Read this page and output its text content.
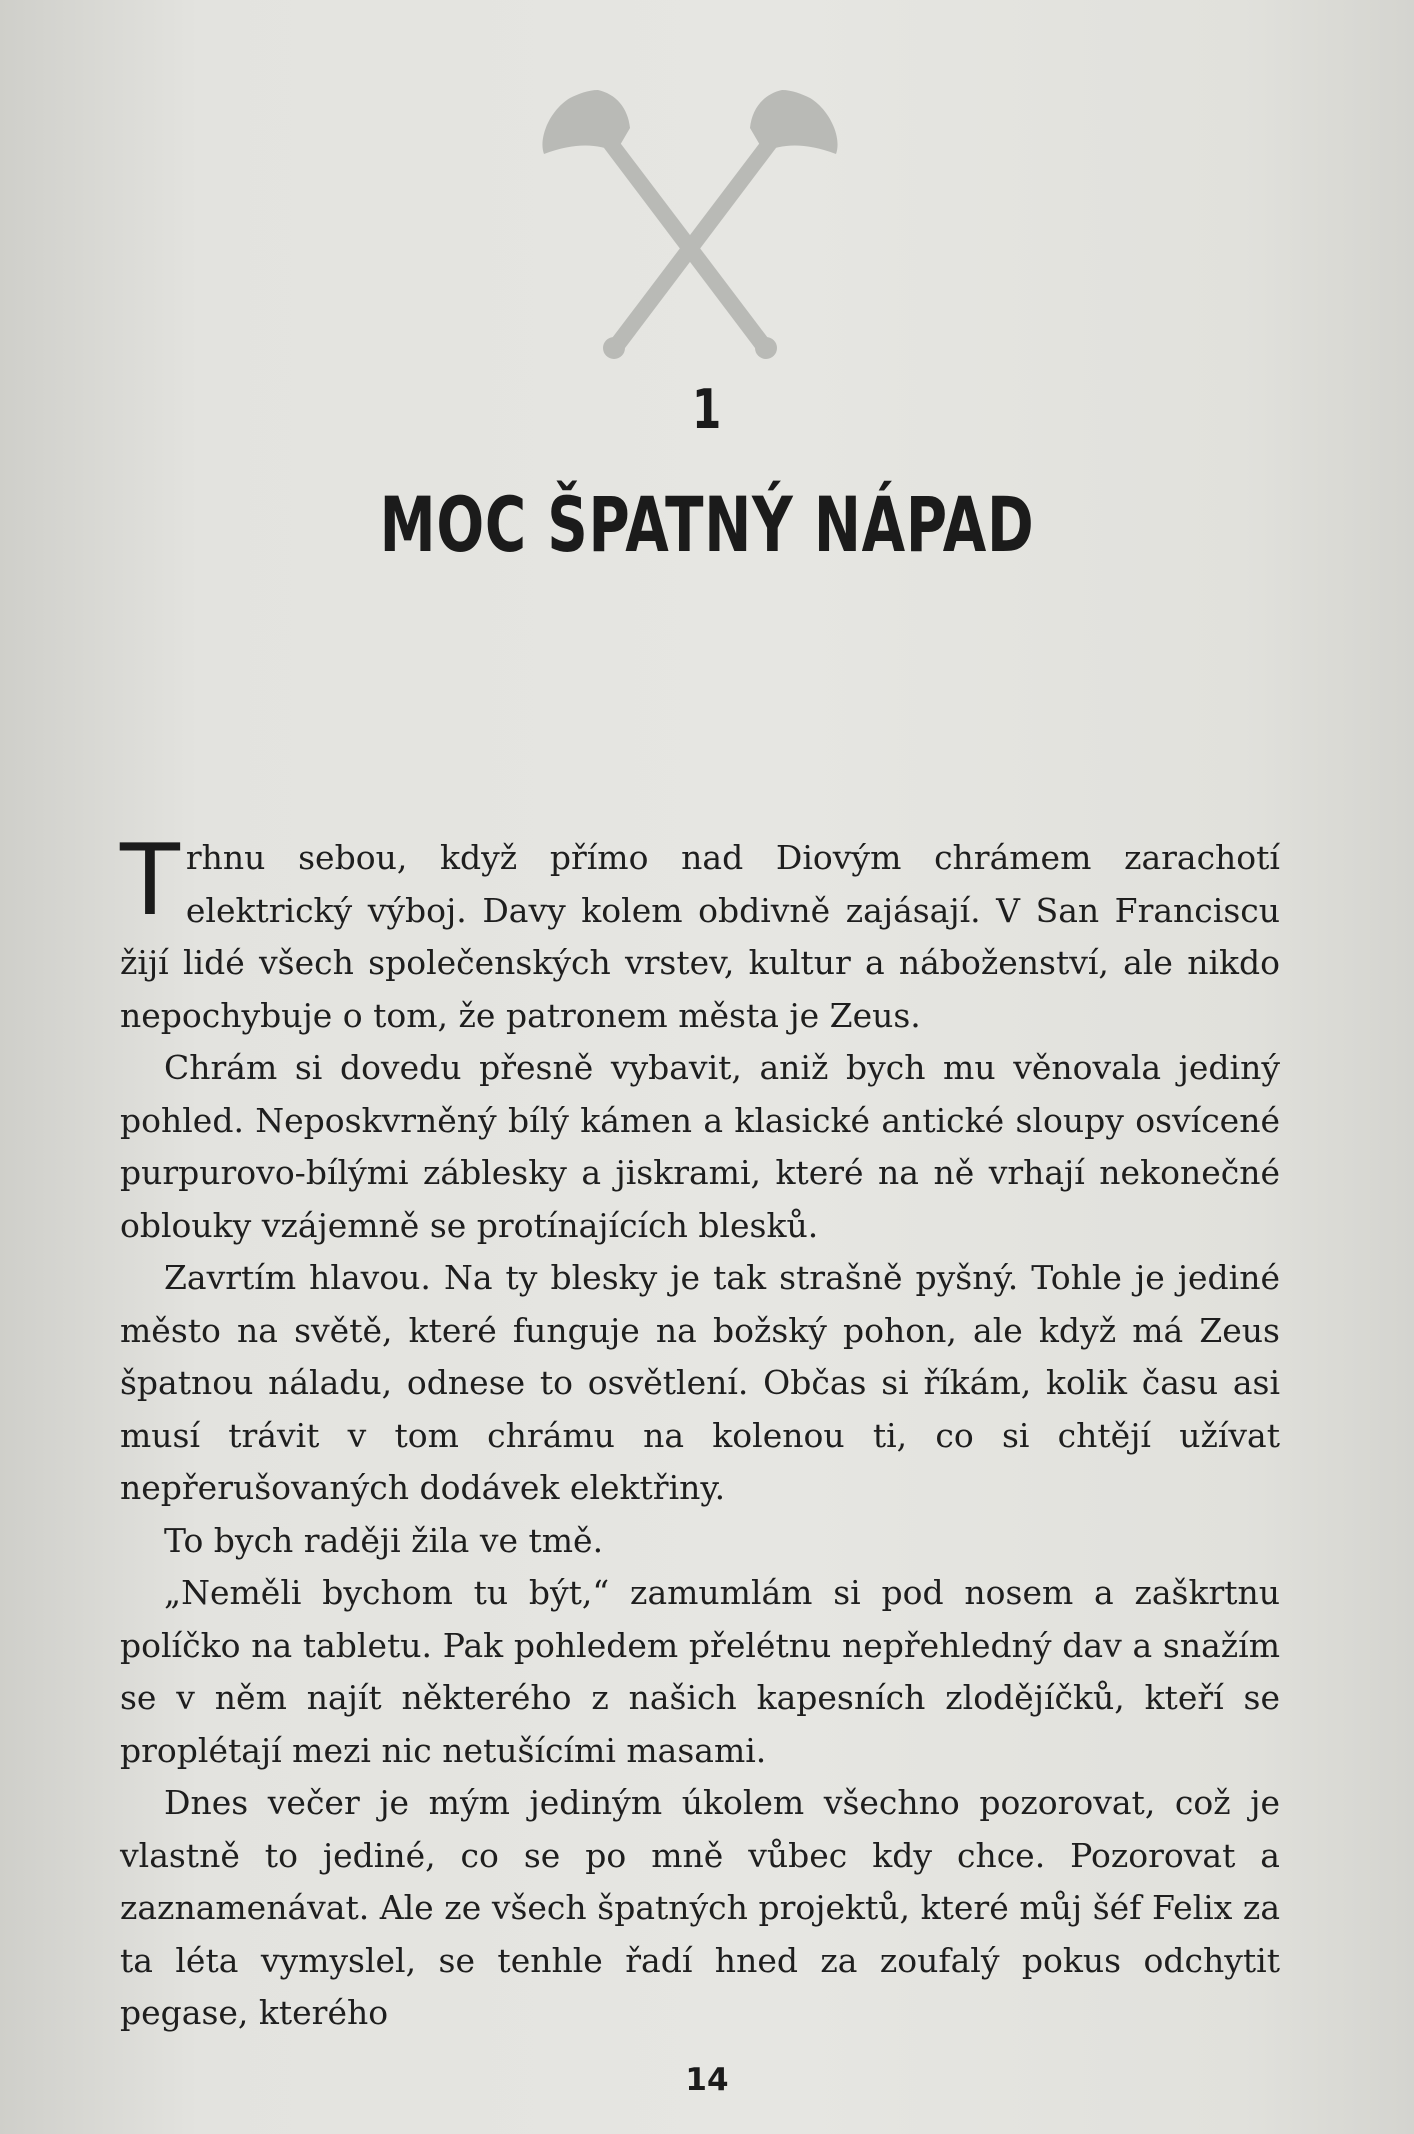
1
MOC ŠPATNÝ NÁPAD

Trhnu sebou, když přímo nad Diovým chrámem zarachotí elektrický výboj. Davy kolem obdivně zajásají. V San Franciscu žijí lidé všech společenských vrstev, kultur a náboženství, ale nikdo nepochybuje o tom, že patronem města je Zeus.

Chrám si dovedu přesně vybavit, aniž bych mu věnovala jediný pohled. Neposkvrněný bílý kámen a klasické antické sloupy osvícené purpurovo-bílými záblesky a jiskrami, které na ně vrhají nekonečné oblouky vzájemně se protínajících blesků.

Zavrtím hlavou. Na ty blesky je tak strašně pyšný. Tohle je jediné město na světě, které funguje na božský pohon, ale když má Zeus špatnou náladu, odnese to osvětlení. Občas si říkám, kolik času asi musí trávit v tom chrámu na kolenou ti, co si chtějí užívat nepřerušovaných dodávek elektřiny.

To bych raději žila ve tmě.

„Neměli bychom tu být,“ zamumlám si pod nosem a zaškrtnu políčko na tabletu. Pak pohledem přelétnu nepřehledný dav a snažím se v něm najít některého z našich kapesních zlodějíčků, kteří se proplétají mezi nic netušícími masami.

Dnes večer je mým jediným úkolem všechno pozorovat, což je vlastně to jediné, co se po mně vůbec kdy chce. Pozorovat a zaznamenávat. Ale ze všech špatných projektů, které můj šéf Felix za ta léta vymyslel, se tenhle řadí hned za zoufalý pokus odchytit pegase, kterého

14
